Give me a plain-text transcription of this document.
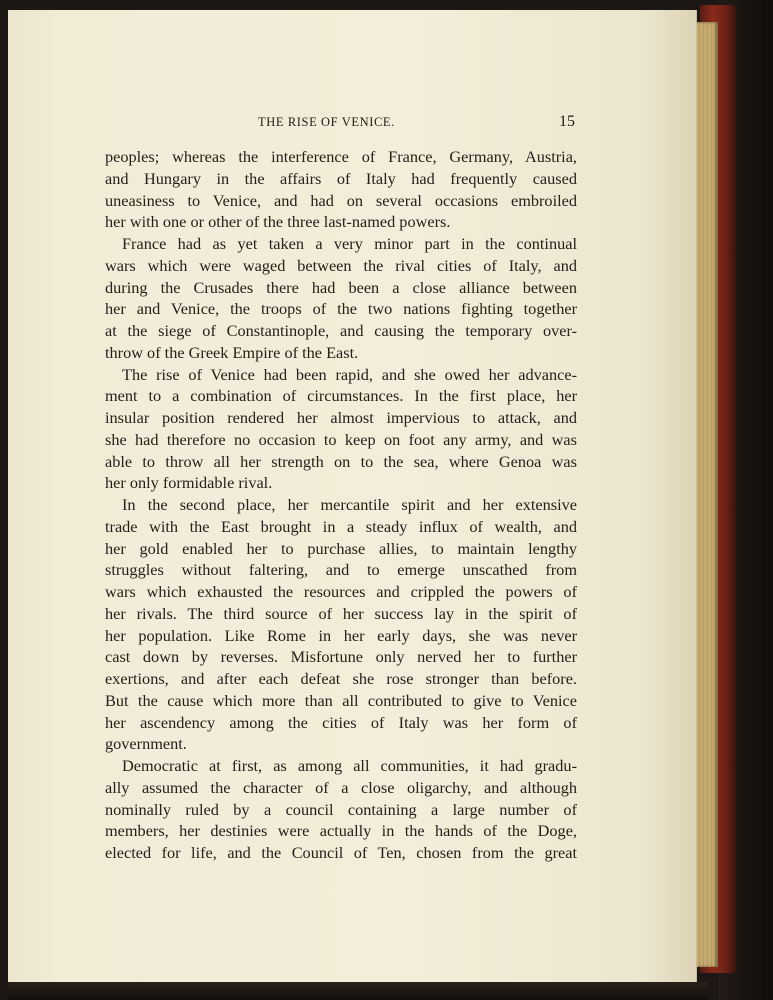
THE RISE OF VENICE.	15
peoples; whereas the interference of France, Germany, Austria,
and Hungary in the affairs of Italy had frequently caused
uneasiness to Venice, and had on several occasions embroiled
her with one or other of the three last-named powers.
France had as yet taken a very minor part in the continual
wars which were waged between the rival cities of Italy, and
during the Crusades there had been a close alliance between
her and Venice, the troops of the two nations fighting together
at the siege of Constantinople, and causing the temporary over-
throw of the Greek Empire of the East.
The rise of Venice had been rapid, and she owed her advance-
ment to a combination of circumstances. In the first place, her
insular position rendered her almost impervious to attack, and
she had therefore no occasion to keep on foot any army, and was
able to throw all her strength on to the sea, where Genoa was
her only formidable rival.
In the second place, her mercantile spirit and her extensive
trade with the East brought in a steady influx of wealth, and
her gold enabled her to purchase allies, to maintain lengthy
struggles without faltering, and to emerge unscathed from
wars which exhausted the resources and crippled the powers of
her rivals. The third source of her success lay in the spirit of
her population. Like Rome in her early days, she was never
cast down by reverses. Misfortune only nerved her to further
exertions, and after each defeat she rose stronger than before.
But the cause which more than all contributed to give to Venice
her ascendency among the cities of Italy was her form of
government.
Democratic at first, as among all communities, it had gradu-
ally assumed the character of a close oligarchy, and although
nominally ruled by a council containing a large number of
members, her destinies were actually in the hands of the Doge,
elected for life, and the Council of Ten, chosen from the great
